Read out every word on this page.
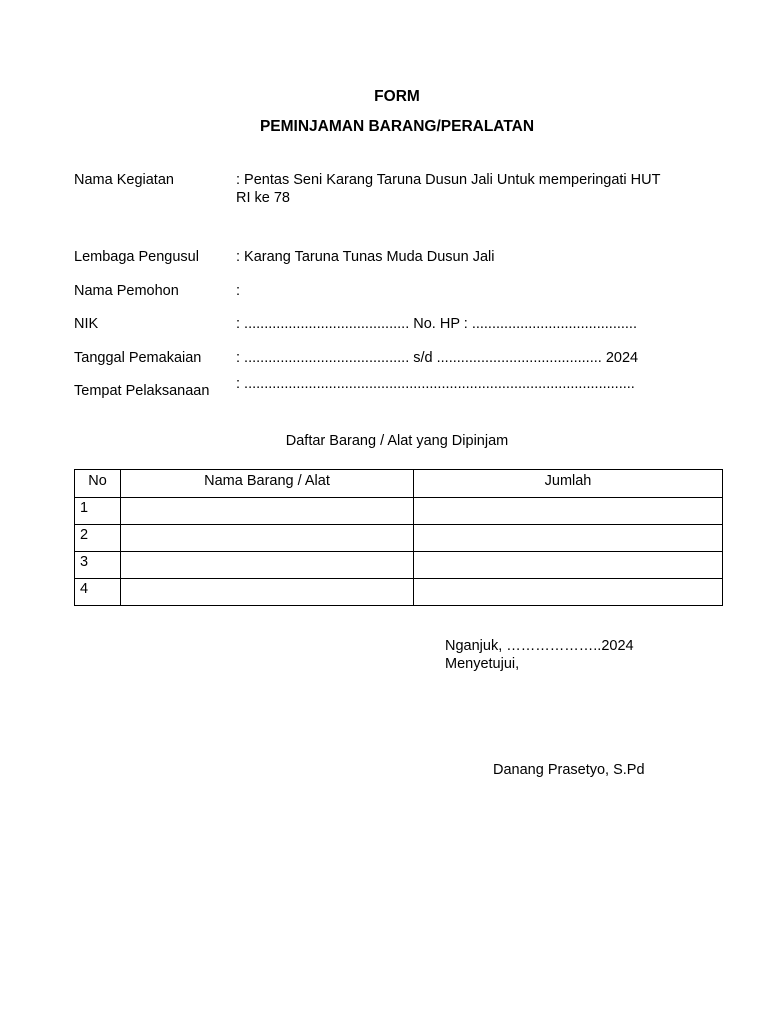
FORM
PEMINJAMAN BARANG/PERALATAN
Nama Kegiatan	: Pentas Seni Karang Taruna Dusun Jali Untuk memperingati HUT RI ke 78
Lembaga Pengusul	: Karang Taruna Tunas Muda Dusun Jali
Nama Pemohon	:
NIK	: ......................................... No. HP : .........................................
Tanggal Pemakaian : ......................................... s/d ......................................... 2024
Tempat Pelaksanaan : .................................................................................................
Daftar Barang / Alat yang Dipinjam
No	Nama Barang / Alat	Jumlah
1		
2		
3		
4		
Nganjuk, ………………..2024
Menyetujui,
Danang Prasetyo, S.Pd
